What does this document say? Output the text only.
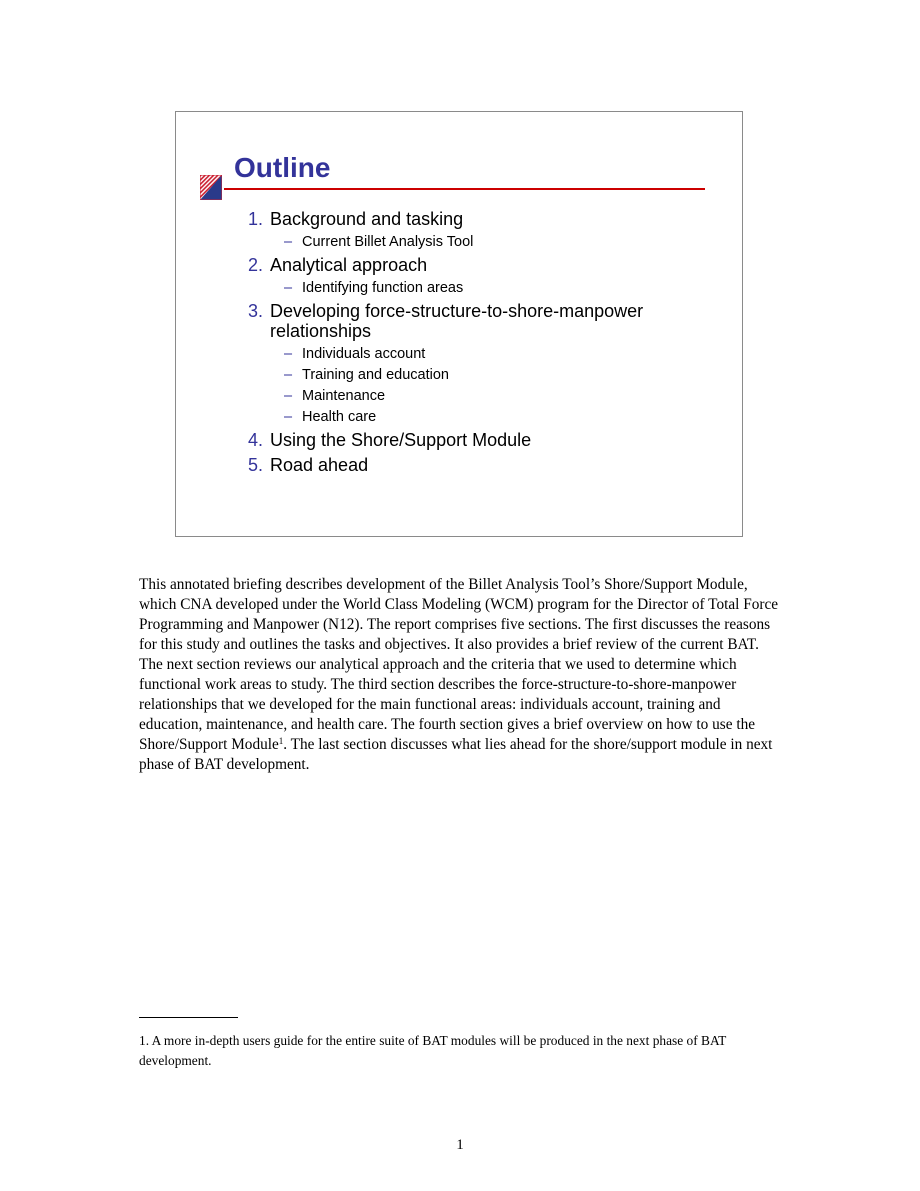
Outline
1. Background and tasking
– Current Billet Analysis Tool
2. Analytical approach
– Identifying function areas
3. Developing force-structure-to-shore-manpower relationships
– Individuals account
– Training and education
– Maintenance
– Health care
4. Using the Shore/Support Module
5. Road ahead

This annotated briefing describes development of the Billet Analysis Tool’s Shore/Support Module, which CNA developed under the World Class Modeling (WCM) program for the Director of Total Force Programming and Manpower (N12). The report comprises five sections. The first discusses the reasons for this study and outlines the tasks and objectives. It also provides a brief review of the current BAT. The next section reviews our analytical approach and the criteria that we used to determine which functional work areas to study. The third section describes the force-structure-to-shore-manpower relationships that we developed for the main functional areas: individuals account, training and education, maintenance, and health care. The fourth section gives a brief overview on how to use the Shore/Support Module$^1$. The last section discusses what lies ahead for the shore/support module in next phase of BAT development.

1. A more in-depth users guide for the entire suite of BAT modules will be produced in the next phase of BAT development.
1
